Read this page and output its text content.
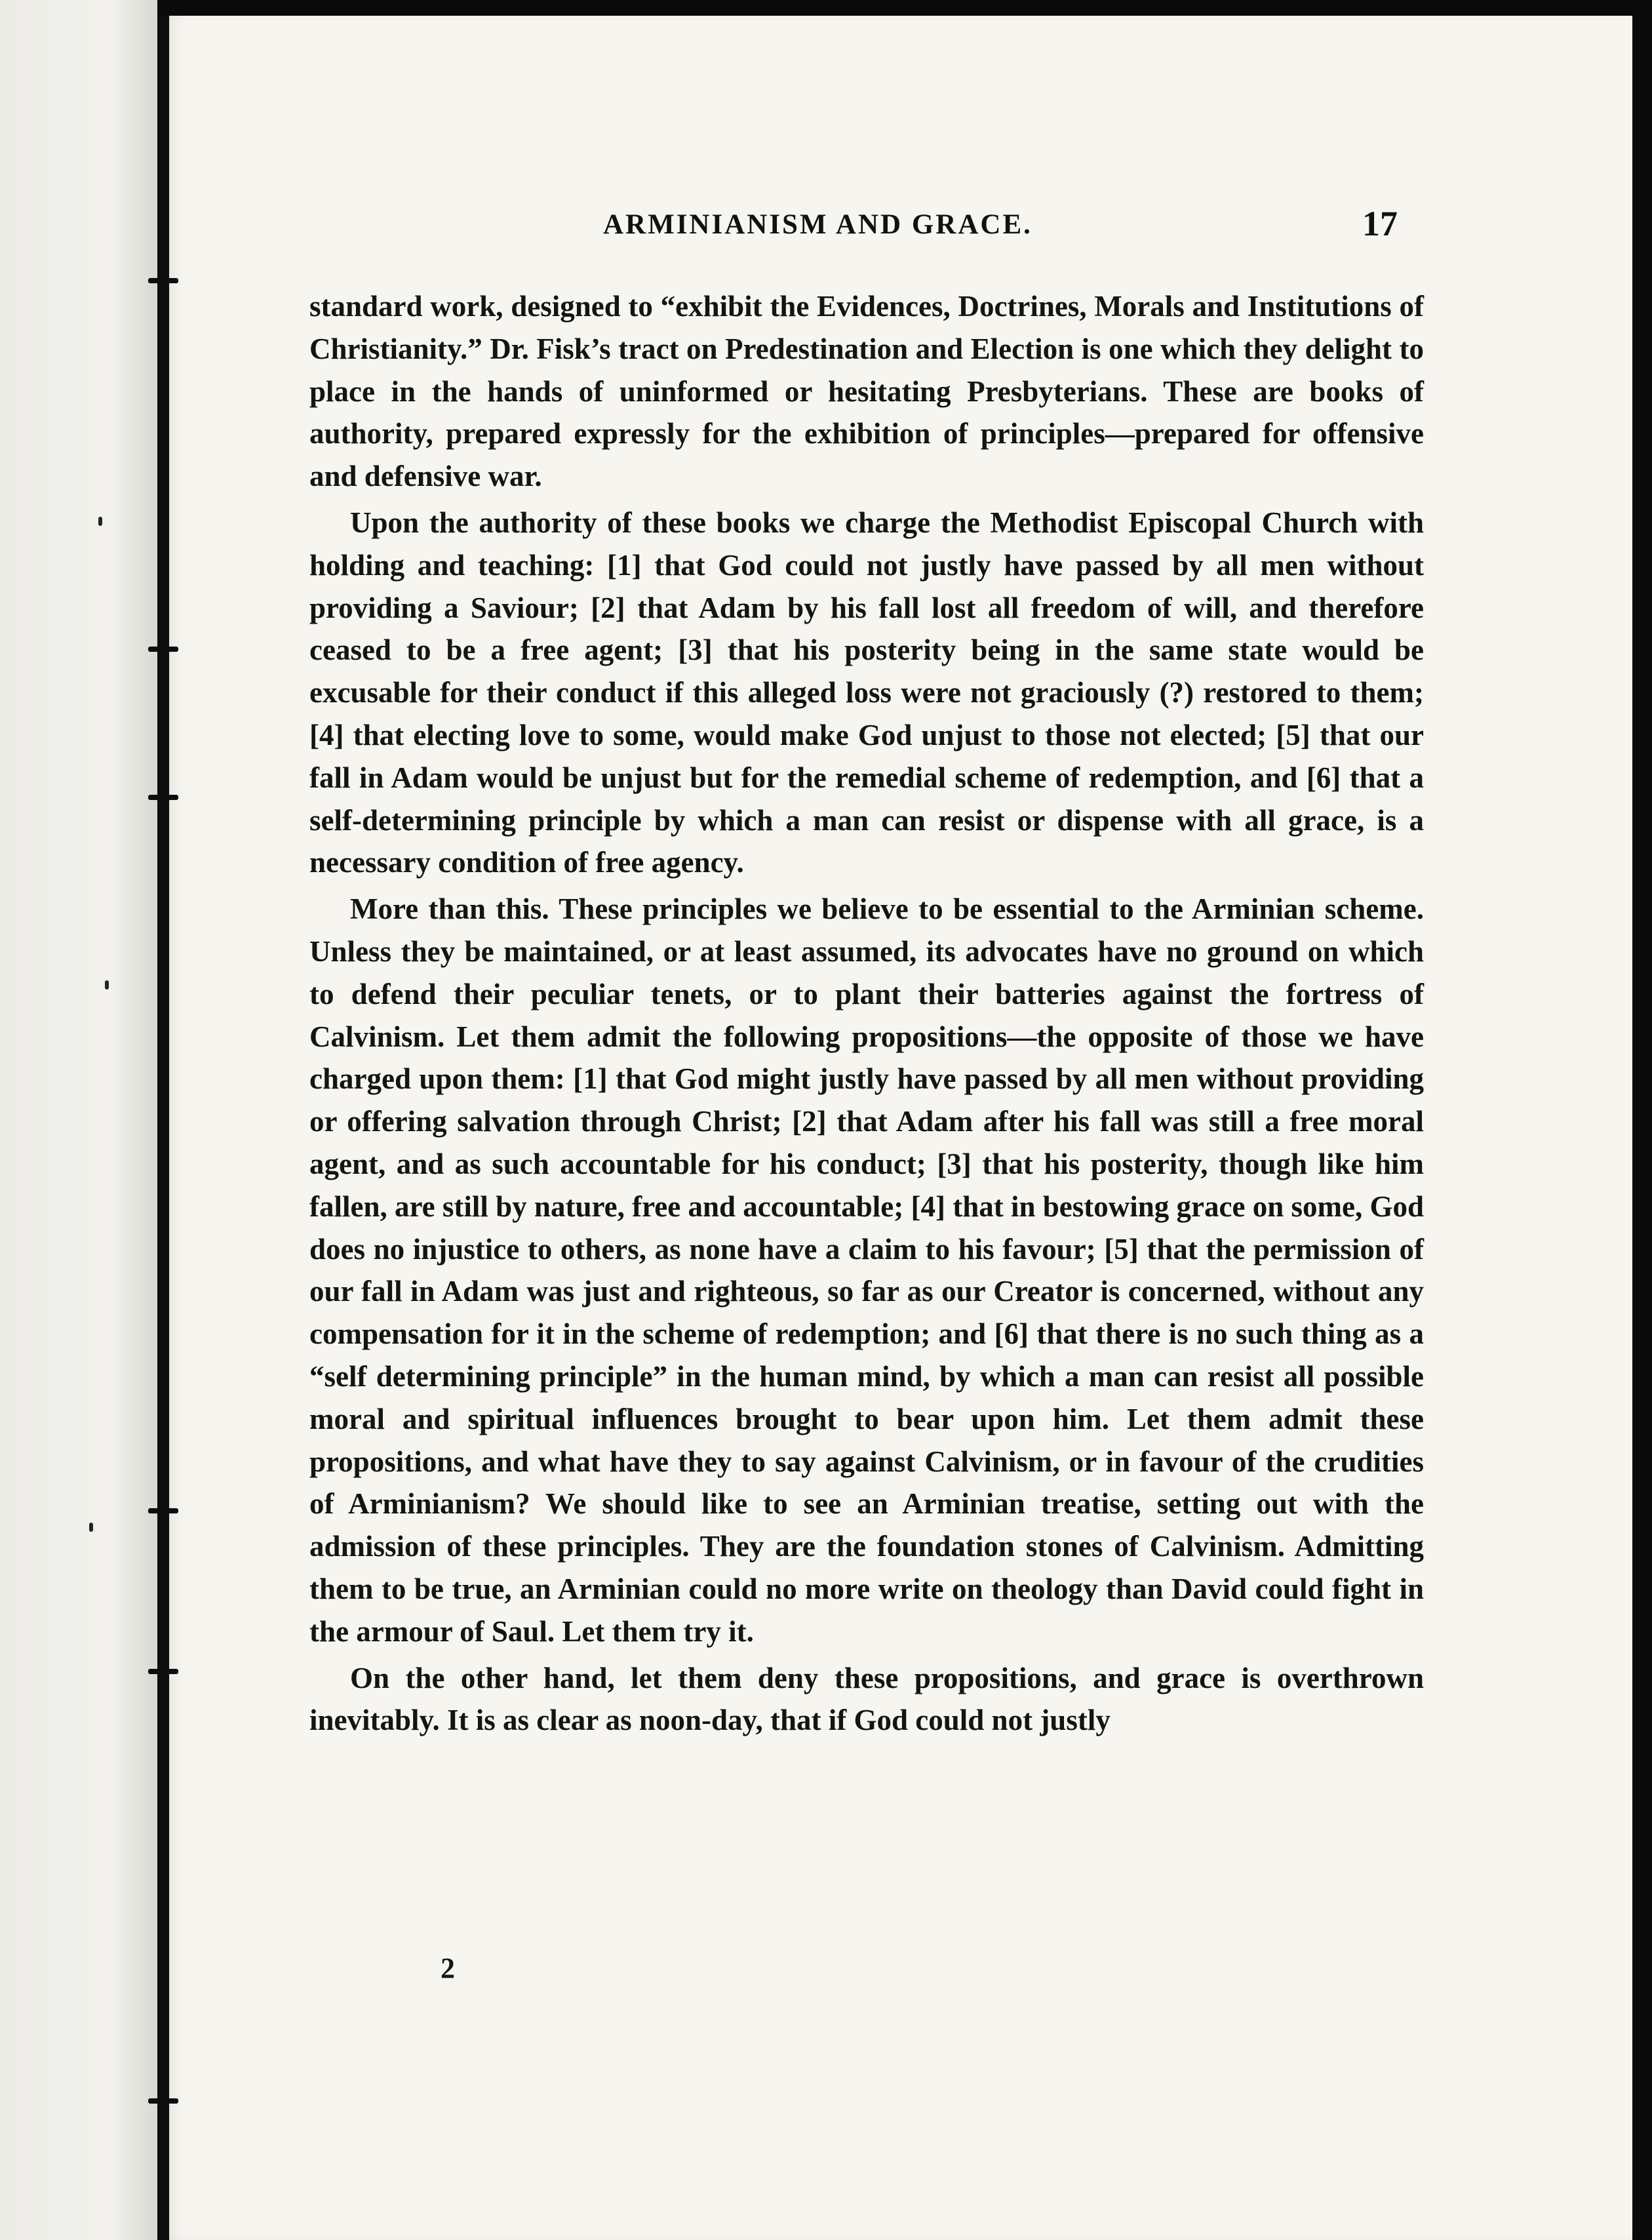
ARMINIANISM AND GRACE.	17

standard work, designed to “exhibit the Evidences, Doctrines, Morals and Institutions of Christianity.” Dr. Fisk’s tract on Predestination and Election is one which they delight to place in the hands of uninformed or hesitating Presbyterians. These are books of authority, prepared expressly for the exhibition of principles—prepared for offensive and defensive war.

Upon the authority of these books we charge the Methodist Episcopal Church with holding and teaching: [1] that God could not justly have passed by all men without providing a Saviour; [2] that Adam by his fall lost all freedom of will, and therefore ceased to be a free agent; [3] that his posterity being in the same state would be excusable for their conduct if this alleged loss were not graciously (?) restored to them; [4] that electing love to some, would make God unjust to those not elected; [5] that our fall in Adam would be unjust but for the remedial scheme of redemption, and [6] that a self-determining principle by which a man can resist or dispense with all grace, is a necessary condition of free agency.

More than this. These principles we believe to be essential to the Arminian scheme. Unless they be maintained, or at least assumed, its advocates have no ground on which to defend their peculiar tenets, or to plant their batteries against the fortress of Calvinism. Let them admit the following propositions—the opposite of those we have charged upon them: [1] that God might justly have passed by all men without providing or offering salvation through Christ; [2] that Adam after his fall was still a free moral agent, and as such accountable for his conduct; [3] that his posterity, though like him fallen, are still by nature, free and accountable; [4] that in bestowing grace on some, God does no injustice to others, as none have a claim to his favour; [5] that the permission of our fall in Adam was just and righteous, so far as our Creator is concerned, without any compensation for it in the scheme of redemption; and [6] that there is no such thing as a “self determining principle” in the human mind, by which a man can resist all possible moral and spiritual influences brought to bear upon him. Let them admit these propositions, and what have they to say against Calvinism, or in favour of the crudities of Arminianism? We should like to see an Arminian treatise, setting out with the admission of these principles. They are the foundation stones of Calvinism. Admitting them to be true, an Arminian could no more write on theology than David could fight in the armour of Saul. Let them try it.

On the other hand, let them deny these propositions, and grace is overthrown inevitably. It is as clear as noon-day, that if God could not justly

2
